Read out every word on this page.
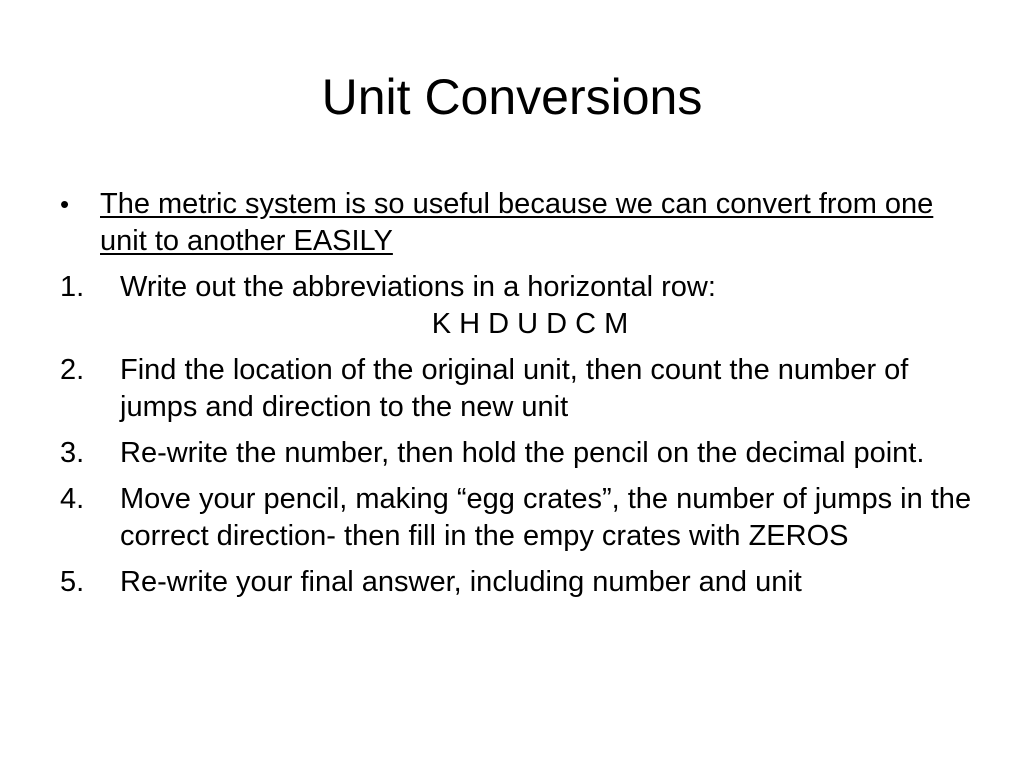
Unit Conversions
•	The metric system is so useful because we can convert from one unit to another EASILY
1.	Write out the abbreviations in a horizontal row:
K H D U D C M
2.	Find the location of the original unit, then count the number of jumps and direction to the new unit
3.	Re-write the number, then hold the pencil on the decimal point.
4.	Move your pencil, making “egg crates”, the number of jumps in the correct direction- then fill in the empy crates with ZEROS
5.	Re-write your final answer, including number and unit
